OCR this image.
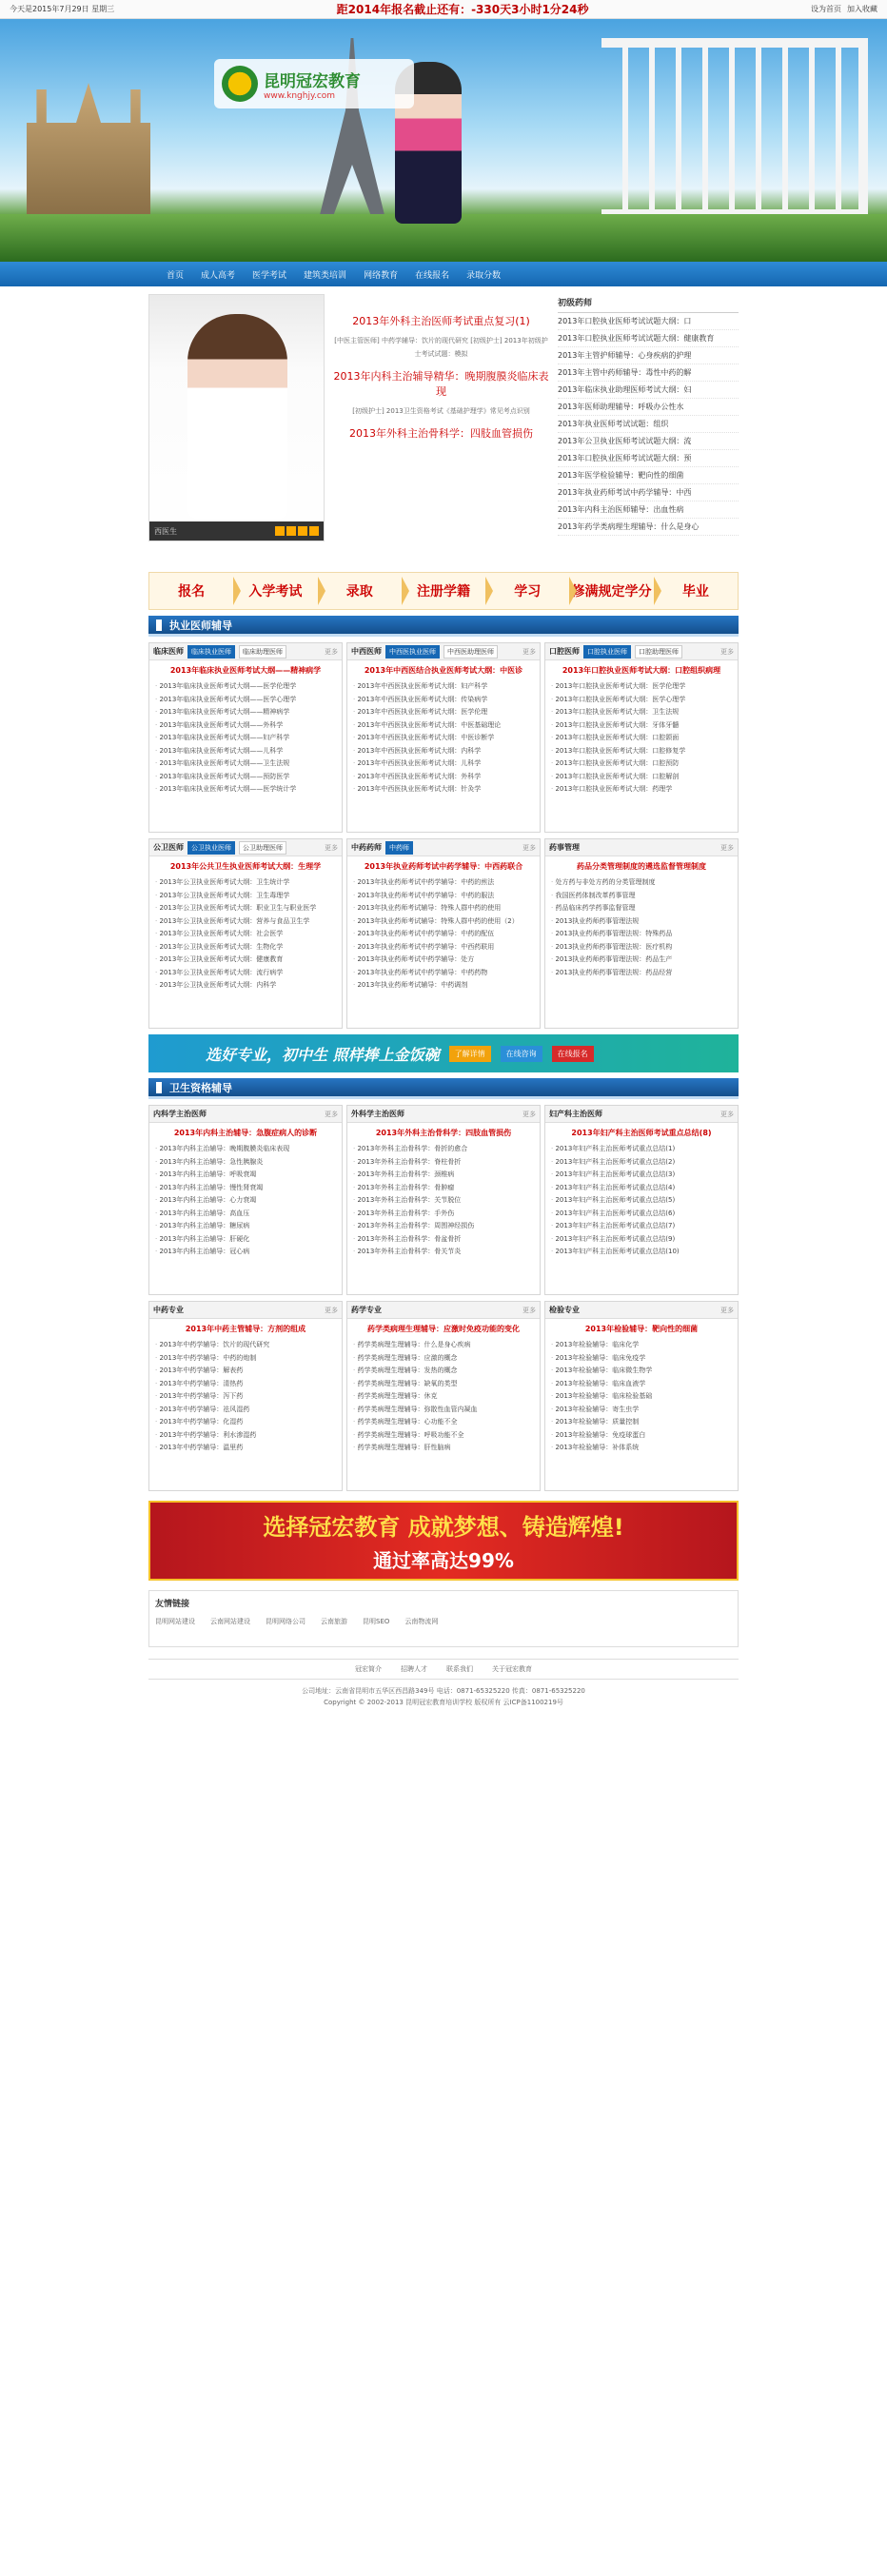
今天是2015年7月29日 星期三	距2014年报名截止还有：-330天3小时1分24秒	设为首页 加入收藏
昆明冠宏教育
www.knghjy.com
首页 成人高考 医学考试 建筑类培训 网络教育 在线报名 录取分数
西医生
2013年外科主治医师考试重点复习(1)

[中医主管医师] 中药学辅导：饮片的现代研究 [初级护士] 2013年初级护士考试试题：模拟

2013年内科主治辅导精华：晚期腹膜炎临床表现

[初级护士] 2013卫生资格考试《基础护理学》常见考点识别

2013年外科主治骨科学：四肢血管损伤
初级药师
2013年口腔执业医师考试试题大纲：口
2013年口腔执业医师考试试题大纲：健康教育
2013年主管护师辅导：心身疾病的护理
2013年主管中药师辅导：毒性中药的解
2013年临床执业助理医师考试大纲：妇
2013年医师助理辅导：呼吸办公性水
2013年执业医师考试试题：组织
2013年公卫执业医师考试试题大纲：流
2013年口腔执业医师考试试题大纲：预
2013年医学检验辅导：靶向性的细菌
2013年执业药师考试中药学辅导：中西
2013年内科主治医师辅导：出血性病
2013年药学类病理生理辅导：什么是身心
报名	入学考试	录取	注册学籍	学习	修满规定学分	毕业
执业医师辅导
临床医师	临床执业医师	临床助理医师	更多
2013年临床执业医师考试大纲——精神病学
· 2013年临床执业医师考试大纲——医学伦理学
· 2013年临床执业医师考试大纲——医学心理学
· 2013年临床执业医师考试大纲——精神病学
· 2013年临床执业医师考试大纲——外科学
· 2013年临床执业医师考试大纲——妇产科学
· 2013年临床执业医师考试大纲——儿科学
· 2013年临床执业医师考试大纲——卫生法规
· 2013年临床执业医师考试大纲——预防医学
· 2013年临床执业医师考试大纲——医学统计学
中西医师	中西医执业医师	中西医助理医师	更多
2013年中西医结合执业医师考试大纲：中医诊
· 2013年中西医执业医师考试大纲：妇产科学
· 2013年中西医执业医师考试大纲：传染病学
· 2013年中西医执业医师考试大纲：医学伦理
· 2013年中西医执业医师考试大纲：中医基础理论
· 2013年中西医执业医师考试大纲：中医诊断学
· 2013年中西医执业医师考试大纲：内科学
· 2013年中西医执业医师考试大纲：儿科学
· 2013年中西医执业医师考试大纲：外科学
· 2013年中西医执业医师考试大纲：针灸学
口腔医师	口腔执业医师	口腔助理医师	更多
2013年口腔执业医师考试大纲：口腔组织病理
· 2013年口腔执业医师考试大纲：医学伦理学
· 2013年口腔执业医师考试大纲：医学心理学
· 2013年口腔执业医师考试大纲：卫生法规
· 2013年口腔执业医师考试大纲：牙体牙髓
· 2013年口腔执业医师考试大纲：口腔颌面
· 2013年口腔执业医师考试大纲：口腔修复学
· 2013年口腔执业医师考试大纲：口腔预防
· 2013年口腔执业医师考试大纲：口腔解剖
· 2013年口腔执业医师考试大纲：药理学
公卫医师	公卫执业医师	公卫助理医师	更多
2013年公共卫生执业医师考试大纲：生理学
· 2013年公卫执业医师考试大纲：卫生统计学
· 2013年公卫执业医师考试大纲：卫生毒理学
· 2013年公卫执业医师考试大纲：职业卫生与职业医学
· 2013年公卫执业医师考试大纲：营养与食品卫生学
· 2013年公卫执业医师考试大纲：社会医学
· 2013年公卫执业医师考试大纲：生物化学
· 2013年公卫执业医师考试大纲：健康教育
· 2013年公卫执业医师考试大纲：流行病学
· 2013年公卫执业医师考试大纲：内科学
中药药师	中药师	更多
2013年执业药师考试中药学辅导：中西药联合
· 2013年执业药师考试中药学辅导：中药的煎法
· 2013年执业药师考试中药学辅导：中药的服法
· 2013年执业药师考试辅导：特殊人群中药的使用
· 2013年执业药师考试辅导：特殊人群中药的使用（2）
· 2013年执业药师考试中药学辅导：中药的配伍
· 2013年执业药师考试中药学辅导：中西药联用
· 2013年执业药师考试中药学辅导：处方
· 2013年执业药师考试中药学辅导：中药药物
· 2013年执业药师考试辅导：中药调剂
药事管理	更多
药品分类管理制度的遴选监督管理制度
· 处方药与非处方药的分类管理制度
· 我国医药体制改革药事管理
· 药品临床药学药事监督管理
· 2013执业药师药事管理法规
· 2013执业药师药事管理法规：特殊药品
· 2013执业药师药事管理法规：医疗机构
· 2013执业药师药事管理法规：药品生产
· 2013执业药师药事管理法规：药品经营
选好专业，初中生 照样捧上金饭碗	了解详情	在线咨询	在线报名
卫生资格辅导
内科学主治医师	更多
2013年内科主治辅导：急腹症病人的诊断
· 2013年内科主治辅导：晚期腹膜炎临床表现
· 2013年内科主治辅导：急性胰腺炎
· 2013年内科主治辅导：呼吸衰竭
· 2013年内科主治辅导：慢性肾衰竭
· 2013年内科主治辅导：心力衰竭
· 2013年内科主治辅导：高血压
· 2013年内科主治辅导：糖尿病
· 2013年内科主治辅导：肝硬化
· 2013年内科主治辅导：冠心病
外科学主治医师	更多
2013年外科主治骨科学：四肢血管损伤
· 2013年外科主治骨科学：骨折的愈合
· 2013年外科主治骨科学：脊柱骨折
· 2013年外科主治骨科学：颈椎病
· 2013年外科主治骨科学：骨肿瘤
· 2013年外科主治骨科学：关节脱位
· 2013年外科主治骨科学：手外伤
· 2013年外科主治骨科学：周围神经损伤
· 2013年外科主治骨科学：骨盆骨折
· 2013年外科主治骨科学：骨关节炎
妇产科主治医师	更多
2013年妇产科主治医师考试重点总结(8)
· 2013年妇产科主治医师考试重点总结(1)
· 2013年妇产科主治医师考试重点总结(2)
· 2013年妇产科主治医师考试重点总结(3)
· 2013年妇产科主治医师考试重点总结(4)
· 2013年妇产科主治医师考试重点总结(5)
· 2013年妇产科主治医师考试重点总结(6)
· 2013年妇产科主治医师考试重点总结(7)
· 2013年妇产科主治医师考试重点总结(9)
· 2013年妇产科主治医师考试重点总结(10)
中药专业	更多
2013年中药主管辅导：方剂的组成
· 2013年中药学辅导：饮片的现代研究
· 2013年中药学辅导：中药的炮制
· 2013年中药学辅导：解表药
· 2013年中药学辅导：清热药
· 2013年中药学辅导：泻下药
· 2013年中药学辅导：祛风湿药
· 2013年中药学辅导：化湿药
· 2013年中药学辅导：利水渗湿药
· 2013年中药学辅导：温里药
药学专业	更多
药学类病理生理辅导：应激时免疫功能的变化
· 药学类病理生理辅导：什么是身心疾病
· 药学类病理生理辅导：应激的概念
· 药学类病理生理辅导：发热的概念
· 药学类病理生理辅导：缺氧的类型
· 药学类病理生理辅导：休克
· 药学类病理生理辅导：弥散性血管内凝血
· 药学类病理生理辅导：心功能不全
· 药学类病理生理辅导：呼吸功能不全
· 药学类病理生理辅导：肝性脑病
检验专业	更多
2013年检验辅导：靶向性的细菌
· 2013年检验辅导：临床化学
· 2013年检验辅导：临床免疫学
· 2013年检验辅导：临床微生物学
· 2013年检验辅导：临床血液学
· 2013年检验辅导：临床检验基础
· 2013年检验辅导：寄生虫学
· 2013年检验辅导：质量控制
· 2013年检验辅导：免疫球蛋白
· 2013年检验辅导：补体系统
选择冠宏教育 成就梦想、铸造辉煌!
通过率高达99%
友情链接
昆明网站建设 云南网站建设 昆明网络公司 云南旅游 昆明SEO 云南物流网
冠宏简介	招聘人才	联系我们	关于冠宏教育
公司地址：云南省昆明市五华区西昌路349号 电话：0871-65325220 传真：0871-65325220
Copyright © 2002-2013 昆明冠宏教育培训学校 版权所有 云ICP备1100219号
